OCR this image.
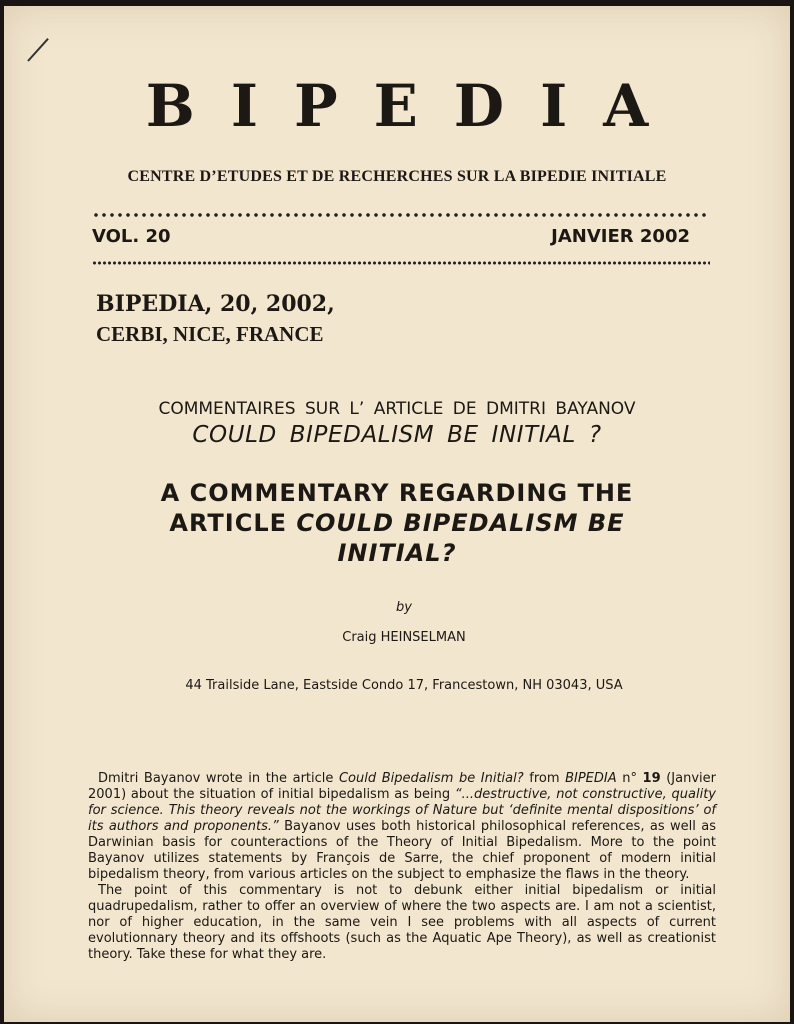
BIPEDIA
CENTRE D’ETUDES ET DE RECHERCHES SUR LA BIPEDIE INITIALE
VOL. 20	JANVIER 2002
BIPEDIA, 20, 2002,
CERBI, NICE, FRANCE
COMMENTAIRES SUR L’ ARTICLE DE DMITRI BAYANOV
COULD BIPEDALISM BE INITIAL ?
A COMMENTARY REGARDING THE ARTICLE COULD BIPEDALISM BE INITIAL?
by
Craig HEINSELMAN
44 Trailside Lane, Eastside Condo 17, Francestown, NH 03043, USA

Dmitri Bayanov wrote in the article Could Bipedalism be Initial? from BIPEDIA n° 19 (Janvier 2001) about the situation of initial bipedalism as being “...destructive, not constructive, quality for science. This theory reveals not the workings of Nature but ‘definite mental dispositions’ of its authors and proponents.” Bayanov uses both historical philosophical references, as well as Darwinian basis for counteractions of the Theory of Initial Bipedalism. More to the point Bayanov utilizes statements by François de Sarre, the chief proponent of modern initial bipedalism theory, from various articles on the subject to emphasize the flaws in the theory.

The point of this commentary is not to debunk either initial bipedalism or initial quadrupedalism, rather to offer an overview of where the two aspects are. I am not a scientist, nor of higher education, in the same vein I see problems with all aspects of current evolutionnary theory and its offshoots (such as the Aquatic Ape Theory), as well as creationist theory. Take these for what they are.
